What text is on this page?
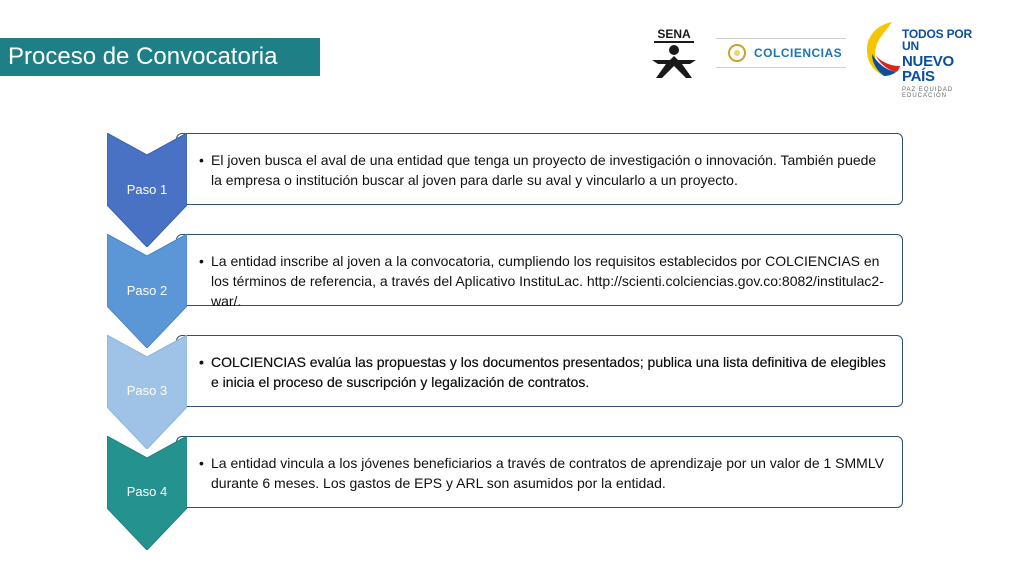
Proceso de Convocatoria
SENA
COLCIENCIAS
TODOS POR UN
NUEVO PAÍS
PAZ EQUIDAD EDUCACIÓN
• El joven busca el aval de una entidad que tenga un proyecto de investigación o innovación. También puede la empresa o institución buscar al joven para darle su aval y vincularlo a un proyecto.
• La entidad inscribe al joven a la convocatoria, cumpliendo los requisitos establecidos por COLCIENCIAS en los términos de referencia, a través del Aplicativo InstituLac. http://scienti.colciencias.gov.co:8082/institulac2-war/.
• COLCIENCIAS evalúa las propuestas y los documentos presentados; publica una lista definitiva de elegibles e inicia el proceso de suscripción y legalización de contratos.
• La entidad vincula a los jóvenes beneficiarios a través de contratos de aprendizaje por un valor de 1 SMMLV durante 6 meses. Los gastos de EPS y ARL son asumidos por la entidad.
Paso 1
Paso 2
Paso 3
Paso 4
